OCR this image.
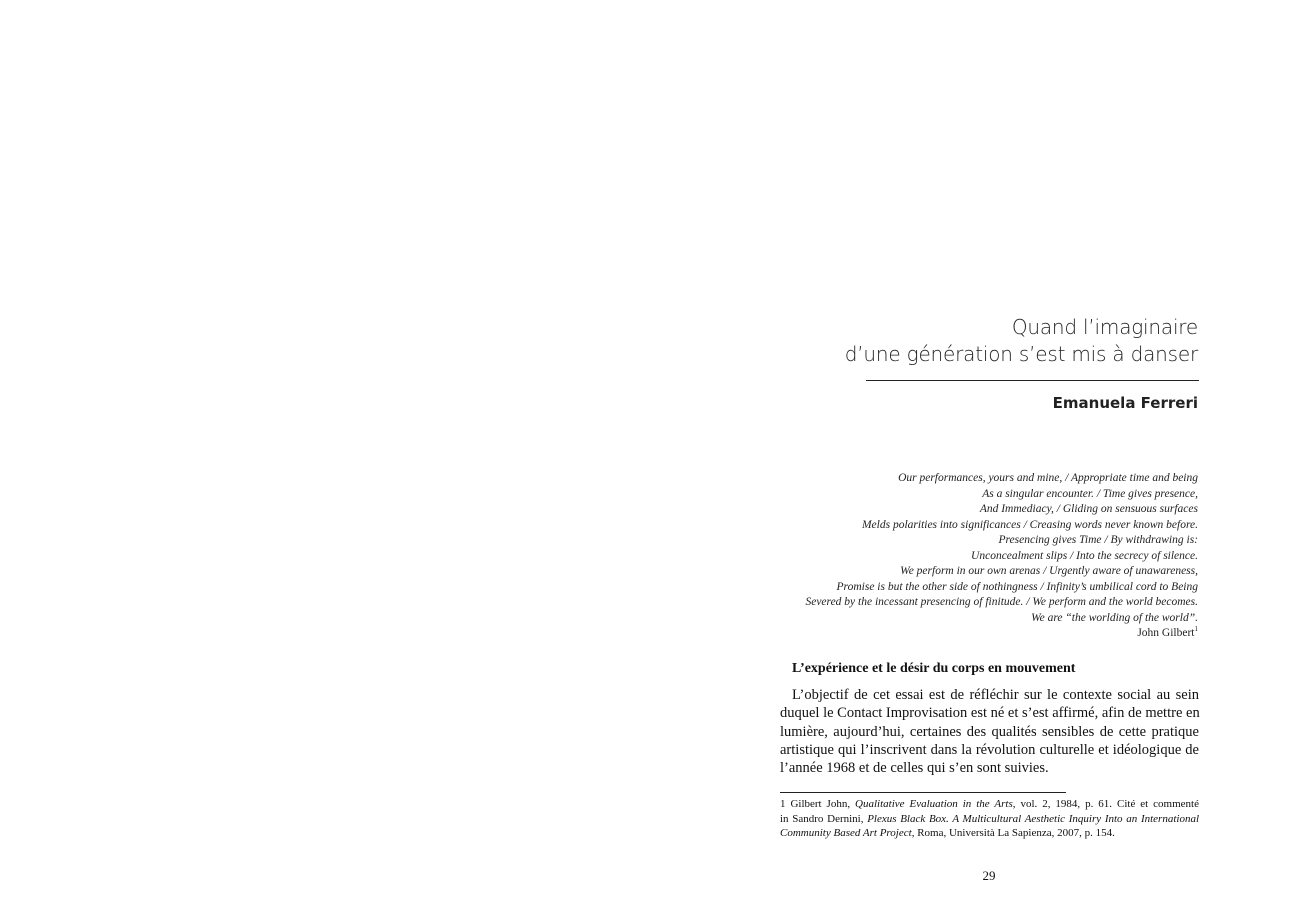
Quand l’imaginaire
d’une génération s’est mis à danser
Emanuela Ferreri
Our performances, yours and mine, / Appropriate time and being
As a singular encounter. / Time gives presence,
And Immediacy, / Gliding on sensuous surfaces
Melds polarities into significances / Creasing words never known before.
Presencing gives Time / By withdrawing is:
Unconcealment slips / Into the secrecy of silence.
We perform in our own arenas / Urgently aware of unawareness,
Promise is but the other side of nothingness / Infinity’s umbilical cord to Being
Severed by the incessant presencing of finitude. / We perform and the world becomes.
We are “the worlding of the world”.
John Gilbert$^1$
L’expérience et le désir du corps en mouvement
L’objectif de cet essai est de réfléchir sur le contexte social au sein
duquel le Contact Improvisation est né et s’est affirmé, afin de mettre en
lumière, aujourd’hui, certaines des qualités sensibles de cette pratique
artistique qui l’inscrivent dans la révolution culturelle et idéologique de
l’année 1968 et de celles qui s’en sont suivies.
1 Gilbert John, Qualitative Evaluation in the Arts, vol. 2, 1984, p. 61. Cité et commenté
in Sandro Dernini, Plexus Black Box. A Multicultural Aesthetic Inquiry Into an International
Community Based Art Project, Roma, Università La Sapienza, 2007, p. 154.
29
